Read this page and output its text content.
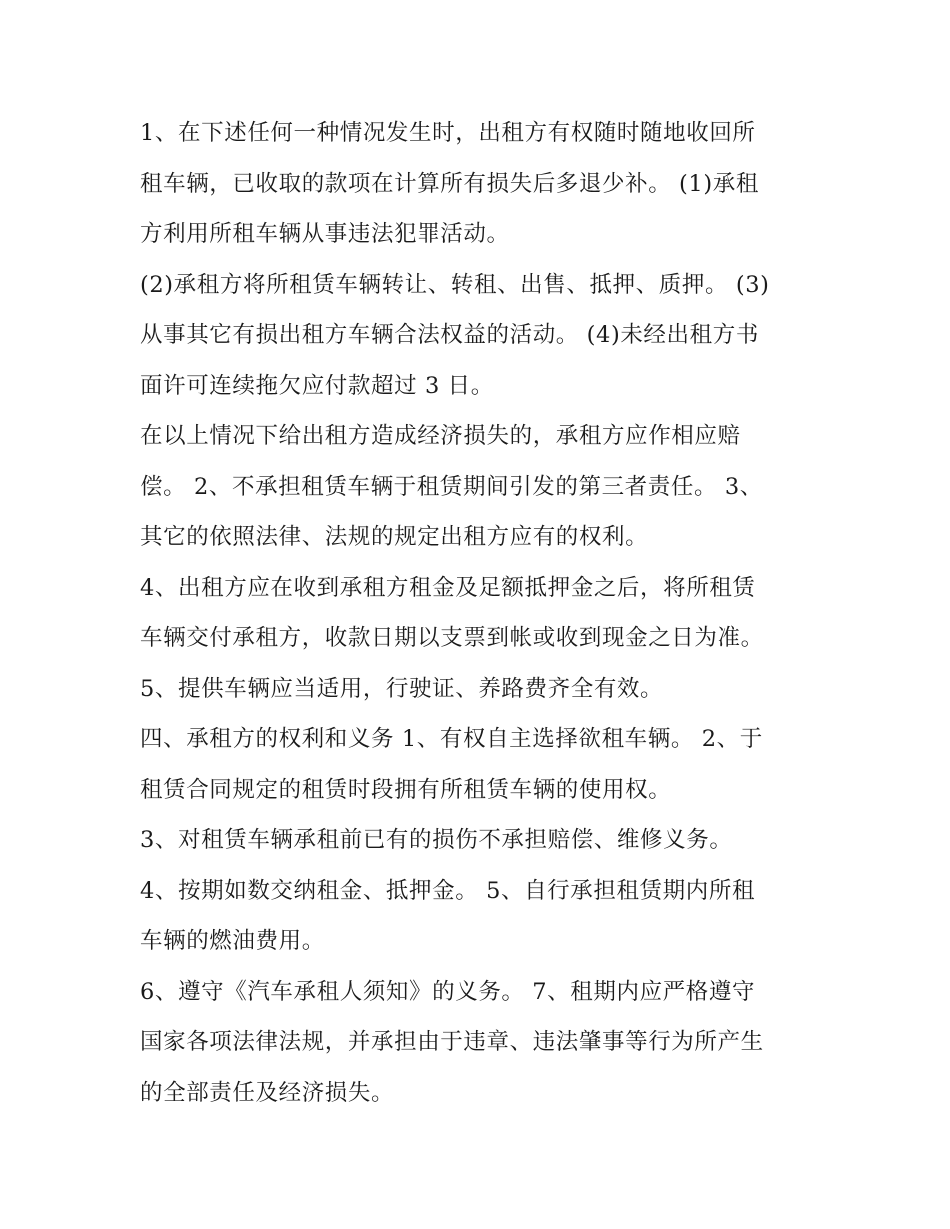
1、在下述任何一种情况发生时，出租方有权随时随地收回所
租车辆，已收取的款项在计算所有损失后多退少补。 (1)承租
方利用所租车辆从事违法犯罪活动。

(2)承租方将所租赁车辆转让、转租、出售、抵押、质押。 (3)
从事其它有损出租方车辆合法权益的活动。 (4)未经出租方书
面许可连续拖欠应付款超过 3 日。

在以上情况下给出租方造成经济损失的，承租方应作相应赔
偿。 2、不承担租赁车辆于租赁期间引发的第三者责任。 3、
其它的依照法律、法规的规定出租方应有的权利。

4、出租方应在收到承租方租金及足额抵押金之后，将所租赁
车辆交付承租方，收款日期以支票到帐或收到现金之日为准。

5、提供车辆应当适用，行驶证、养路费齐全有效。

四、承租方的权利和义务 1、有权自主选择欲租车辆。 2、于
租赁合同规定的租赁时段拥有所租赁车辆的使用权。

3、对租赁车辆承租前已有的损伤不承担赔偿、维修义务。

4、按期如数交纳租金、抵押金。 5、自行承担租赁期内所租
车辆的燃油费用。

6、遵守《汽车承租人须知》的义务。 7、租期内应严格遵守
国家各项法律法规，并承担由于违章、违法肇事等行为所产生
的全部责任及经济损失。
